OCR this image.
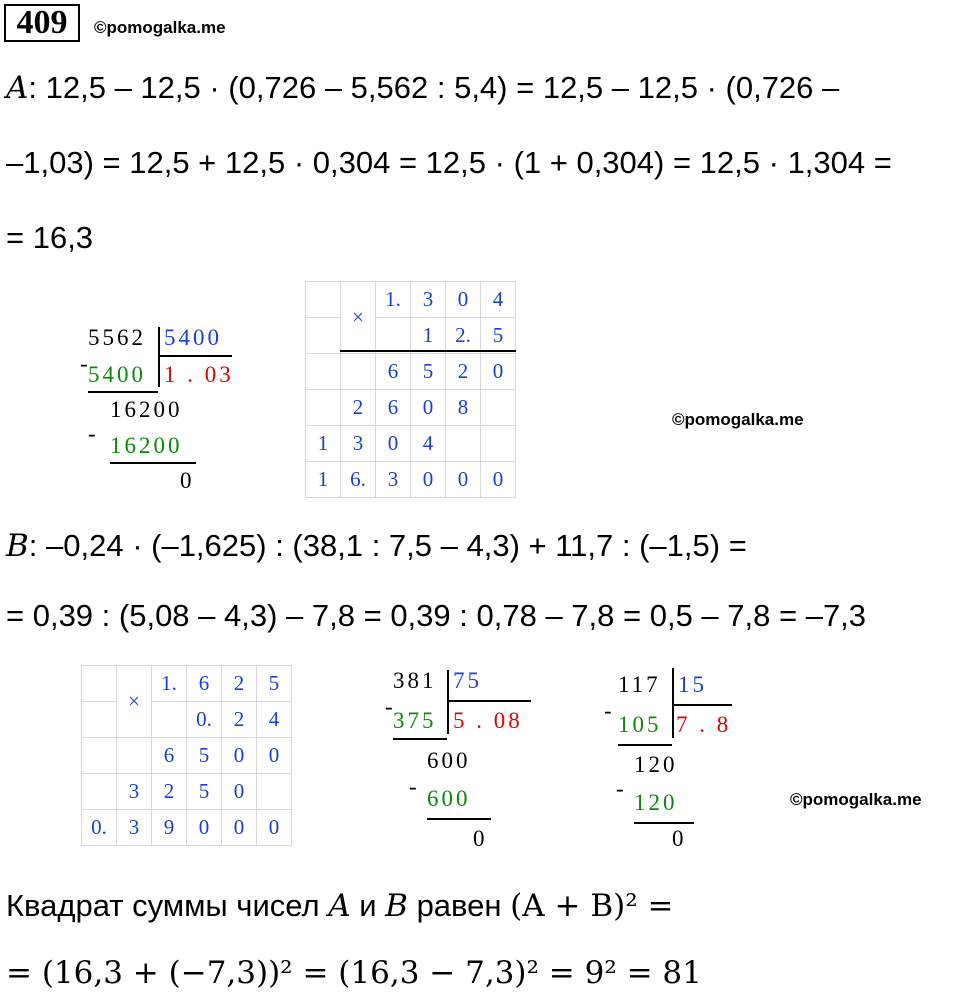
409	©pomogalka.me
A: 12,5 – 12,5 · (0,726 – 5,562 : 5,4) = 12,5 – 12,5 · (0,726 –
–1,03) = 12,5 + 12,5 · 0,304 = 12,5 · (1 + 0,304) = 12,5 · 1,304 =
= 16,3
5562 5400
-
5400 1 . 03
16200
- 16200
0
	×	1.	3	0	4
			1	2.	5
		6	5	2	0
	2	6	0	8	
1	3	0	4		
1	6.	3	0	0	0
©pomogalka.me
B: –0,24 · (–1,625) : (38,1 : 7,5 – 4,3) + 11,7 : (–1,5) =
= 0,39 : (5,08 – 4,3) – 7,8 = 0,39 : 0,78 – 7,8 = 0,5 – 7,8 = –7,3
	×	1.	6	2	5
			0.	2	4
		6	5	0	0
	3	2	5	0	
0.	3	9	0	0	0
381 75
-
375 5 . 08
600
- 600
0
117 15
-
105 7 . 8
120
-
120
0
©pomogalka.me
Квадрат суммы чисел A и B равен (A + B)² =
= (16,3 + (−7,3))² = (16,3 − 7,3)² = 9² = 81
